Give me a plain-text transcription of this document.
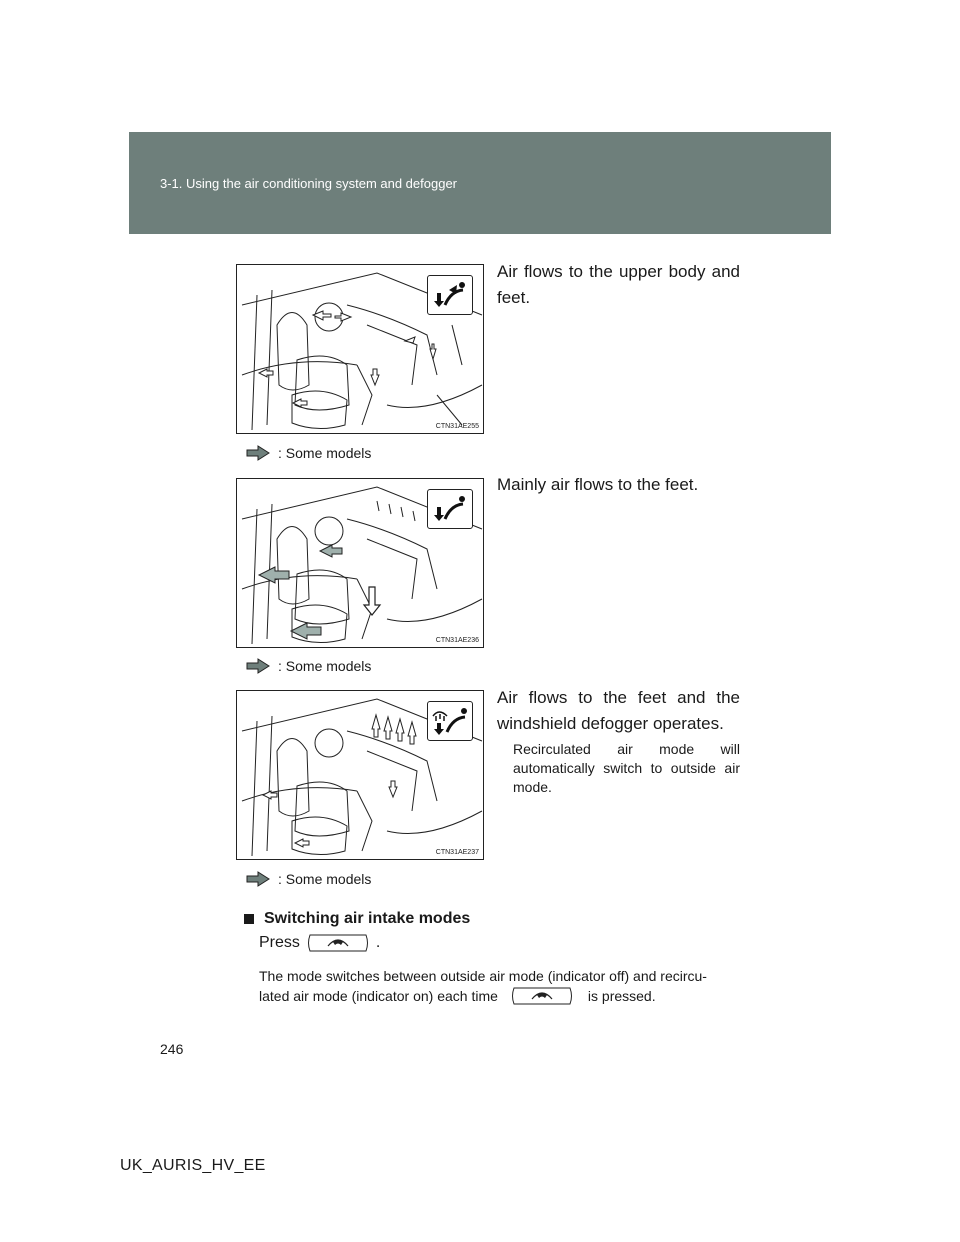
3-1. Using the air conditioning system and defogger
CTN31AE255
: Some models
Air flows to the upper body and feet.
CTN31AE236
: Some models
Mainly air flows to the feet.
CTN31AE237
: Some models
Air flows to the feet and the windshield defogger operates.
Recirculated air mode will automatically switch to outside air mode.
Switching air intake modes
Press	.
The mode switches between outside air mode (indicator off) and recircu-
lated air mode (indicator on) each time	is pressed.
246
UK_AURIS_HV_EE
